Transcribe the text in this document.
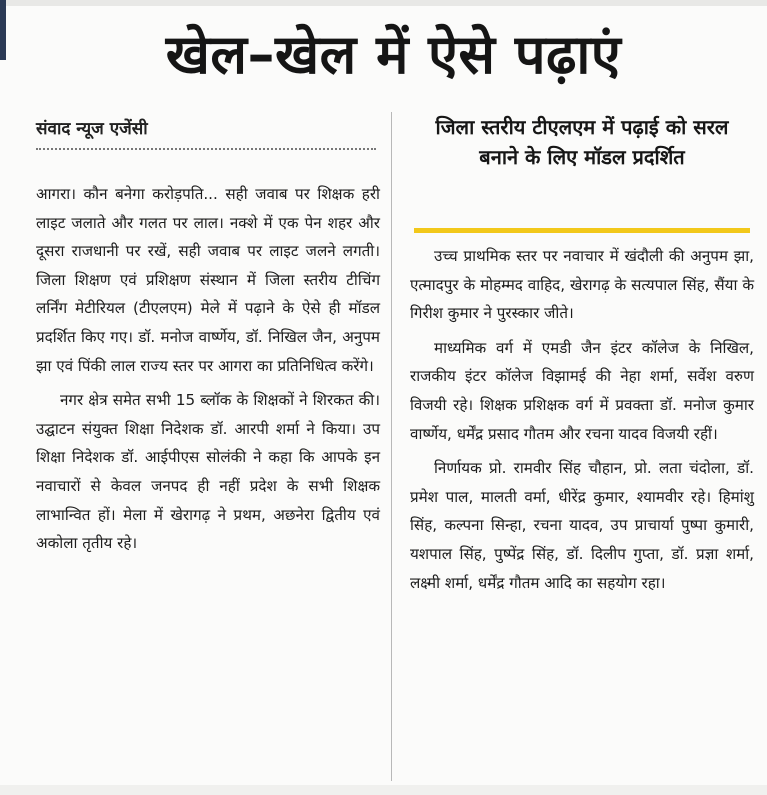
खेल–खेल में ऐसे पढ़ाएं
संवाद न्यूज एजेंसी	जिला स्तरीय टीएलएम में पढ़ाई को सरल बनाने के लिए मॉडल प्रदर्शित

आगरा। कौन बनेगा करोड़पति... सही जवाब पर शिक्षक हरी लाइट जलाते और गलत पर लाल। नक्शे में एक पेन शहर और दूसरा राजधानी पर रखें, सही जवाब पर लाइट जलने लगती। जिला शिक्षण एवं प्रशिक्षण संस्थान में जिला स्तरीय टीचिंग लर्निंग मेटीरियल (टीएलएम) मेले में पढ़ाने के ऐसे ही मॉडल प्रदर्शित किए गए। डॉ. मनोज वार्ष्णेय, डॉ. निखिल जैन, अनुपम झा एवं पिंकी लाल राज्य स्तर पर आगरा का प्रतिनिधित्व करेंगे।

नगर क्षेत्र समेत सभी 15 ब्लॉक के शिक्षकों ने शिरकत की। उद्घाटन संयुक्त शिक्षा निदेशक डॉ. आरपी शर्मा ने किया। उप शिक्षा निदेशक डॉ. आईपीएस सोलंकी ने कहा कि आपके इन नवाचारों से केवल जनपद ही नहीं प्रदेश के सभी शिक्षक लाभान्वित हों। मेला में खेरागढ़ ने प्रथम, अछनेरा द्वितीय एवं अकोला तृतीय रहे।

उच्च प्राथमिक स्तर पर नवाचार में खंदौली की अनुपम झा, एत्मादपुर के मोहम्मद वाहिद, खेरागढ़ के सत्यपाल सिंह, सैंया के गिरीश कुमार ने पुरस्कार जीते।

माध्यमिक वर्ग में एमडी जैन इंटर कॉलेज के निखिल, राजकीय इंटर कॉलेज विझामई की नेहा शर्मा, सर्वेश वरुण विजयी रहे। शिक्षक प्रशिक्षक वर्ग में प्रवक्ता डॉ. मनोज कुमार वार्ष्णेय, धर्मेंद्र प्रसाद गौतम और रचना यादव विजयी रहीं।

निर्णायक प्रो. रामवीर सिंह चौहान, प्रो. लता चंदोला, डॉ. प्रमेश पाल, मालती वर्मा, धीरेंद्र कुमार, श्यामवीर रहे। हिमांशु सिंह, कल्पना सिन्हा, रचना यादव, उप प्राचार्या पुष्पा कुमारी, यशपाल सिंह, पुष्पेंद्र सिंह, डॉ. दिलीप गुप्ता, डॉ. प्रज्ञा शर्मा, लक्ष्मी शर्मा, धर्मेंद्र गौतम आदि का सहयोग रहा।
